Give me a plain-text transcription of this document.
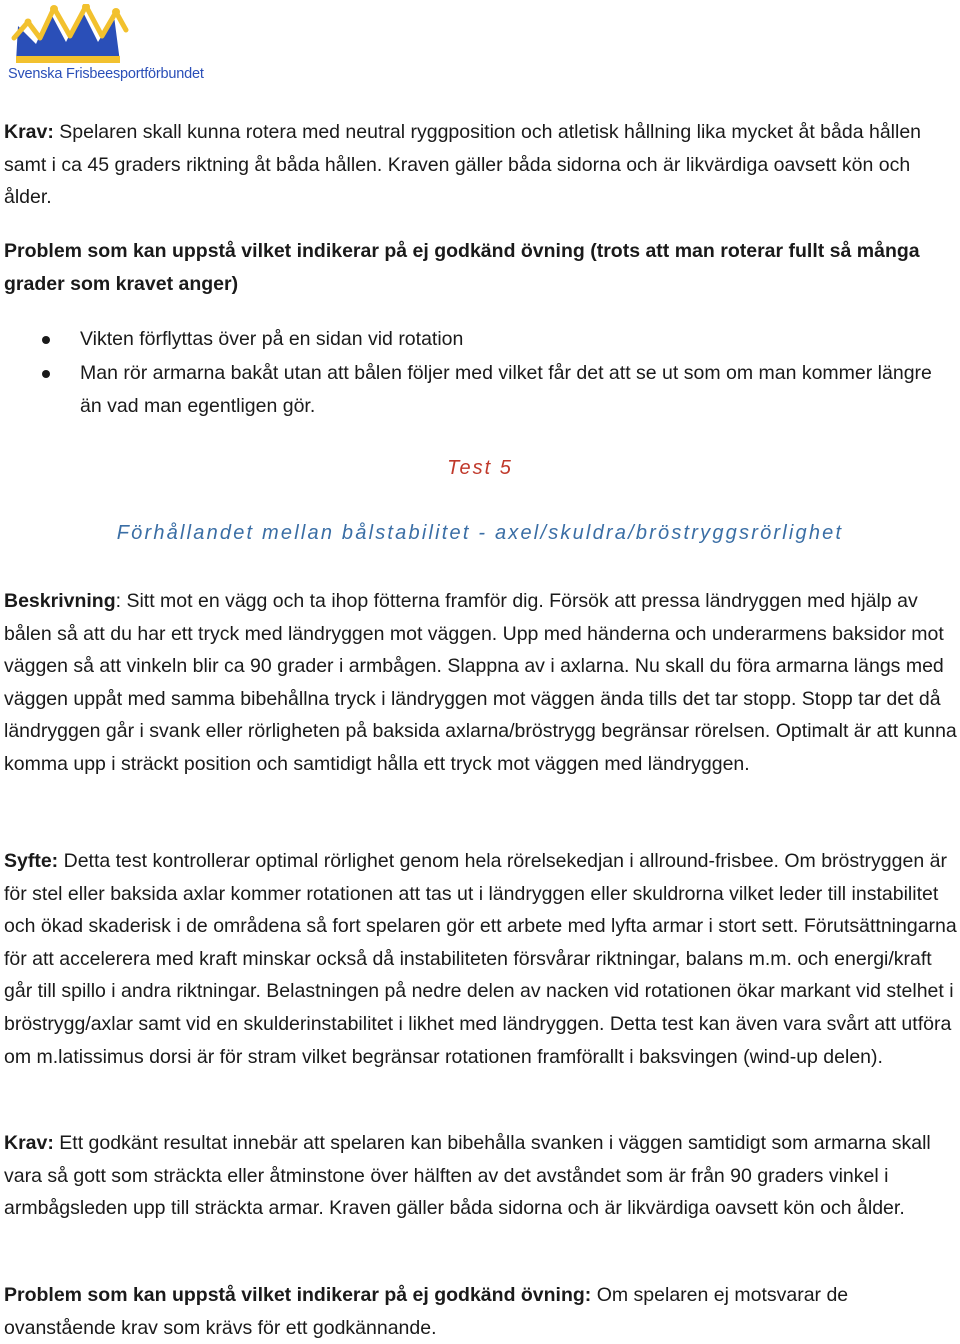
Svenska Frisbeesportförbundet

Krav: Spelaren skall kunna rotera med neutral ryggposition och atletisk hållning lika mycket åt båda hållen samt i ca 45 graders riktning åt båda hållen. Kraven gäller båda sidorna och är likvärdiga oavsett kön och ålder.

Problem som kan uppstå vilket indikerar på ej godkänd övning (trots att man roterar fullt så många grader som kravet anger)

Vikten förflyttas över på en sidan vid rotation
Man rör armarna bakåt utan att bålen följer med vilket får det att se ut som om man kommer längre än vad man egentligen gör.

Test 5

Förhållandet mellan bålstabilitet - axel/skuldra/bröstryggsrörlighet

Beskrivning: Sitt mot en vägg och ta ihop fötterna framför dig. Försök att pressa ländryggen med hjälp av bålen så att du har ett tryck med ländryggen mot väggen. Upp med händerna och underarmens baksidor mot väggen så att vinkeln blir ca 90 grader i armbågen. Slappna av i axlarna. Nu skall du föra armarna längs med väggen uppåt med samma bibehållna tryck i ländryggen mot väggen ända tills det tar stopp. Stopp tar det då ländryggen går i svank eller rörligheten på baksida axlarna/bröstrygg begränsar rörelsen. Optimalt är att kunna komma upp i sträckt position och samtidigt hålla ett tryck mot väggen med ländryggen.

Syfte: Detta test kontrollerar optimal rörlighet genom hela rörelsekedjan i allround-frisbee. Om bröstryggen är för stel eller baksida axlar kommer rotationen att tas ut i ländryggen eller skuldrorna vilket leder till instabilitet och ökad skaderisk i de områdena så fort spelaren gör ett arbete med lyfta armar i stort sett. Förutsättningarna för att accelerera med kraft minskar också då instabiliteten försvårar riktningar, balans m.m. och energi/kraft går till spillo i andra riktningar. Belastningen på nedre delen av nacken vid rotationen ökar markant vid stelhet i bröstrygg/axlar samt vid en skulderinstabilitet i likhet med ländryggen. Detta test kan även vara svårt att utföra om m.latissimus dorsi är för stram vilket begränsar rotationen framförallt i baksvingen (wind-up delen).

Krav: Ett godkänt resultat innebär att spelaren kan bibehålla svanken i väggen samtidigt som armarna skall vara så gott som sträckta eller åtminstone över hälften av det avståndet som är från 90 graders vinkel i armbågsleden upp till sträckta armar. Kraven gäller båda sidorna och är likvärdiga oavsett kön och ålder.

Problem som kan uppstå vilket indikerar på ej godkänd övning: Om spelaren ej motsvarar de ovanstående krav som krävs för ett godkännande.
